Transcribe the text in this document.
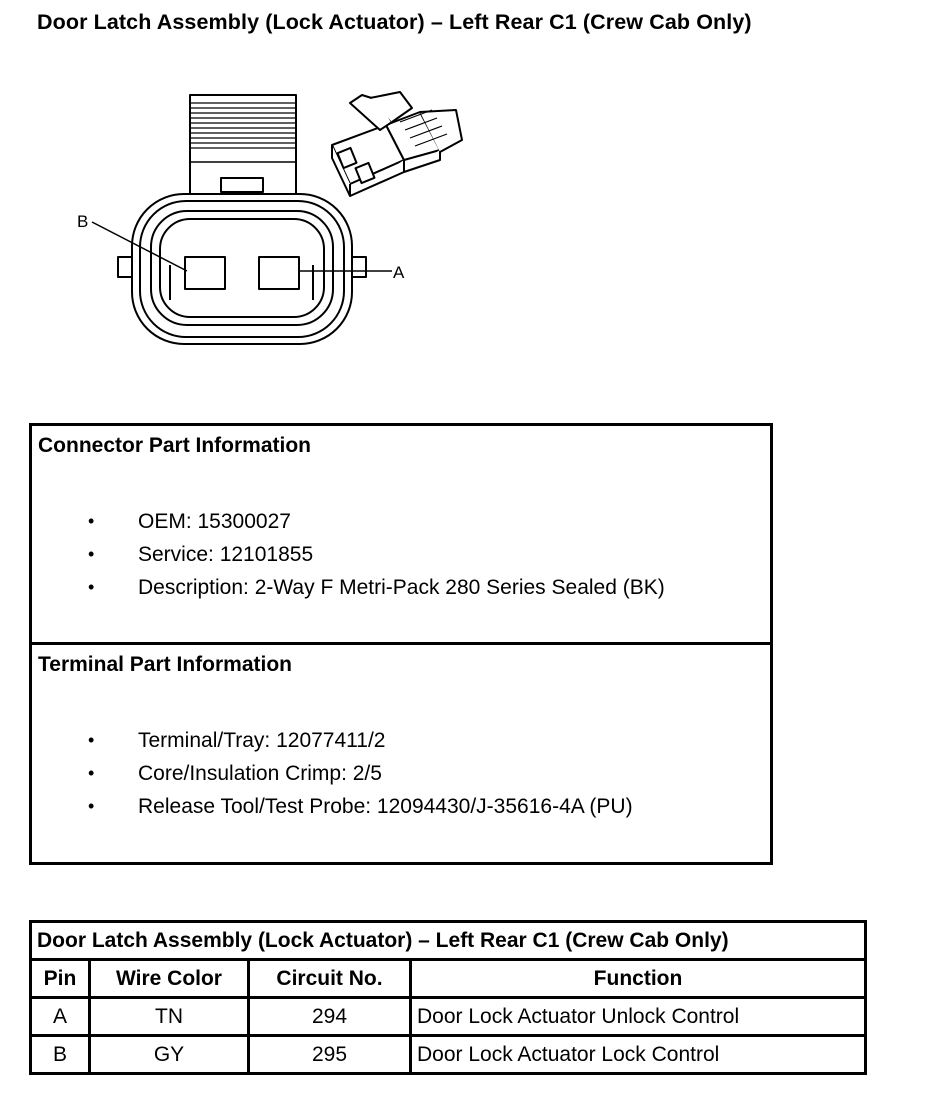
Door Latch Assembly (Lock Actuator) – Left Rear C1 (Crew Cab Only)
B
A
Connector Part Information
• OEM: 15300027
• Service: 12101855
• Description: 2-Way F Metri-Pack 280 Series Sealed (BK)
Terminal Part Information
• Terminal/Tray: 12077411/2
• Core/Insulation Crimp: 2/5
• Release Tool/Test Probe: 12094430/J-35616-4A (PU)
Door Latch Assembly (Lock Actuator) – Left Rear C1 (Crew Cab Only)			
Pin	Wire Color	Circuit No.	Function
A	TN	294	Door Lock Actuator Unlock Control
B	GY	295	Door Lock Actuator Lock Control
